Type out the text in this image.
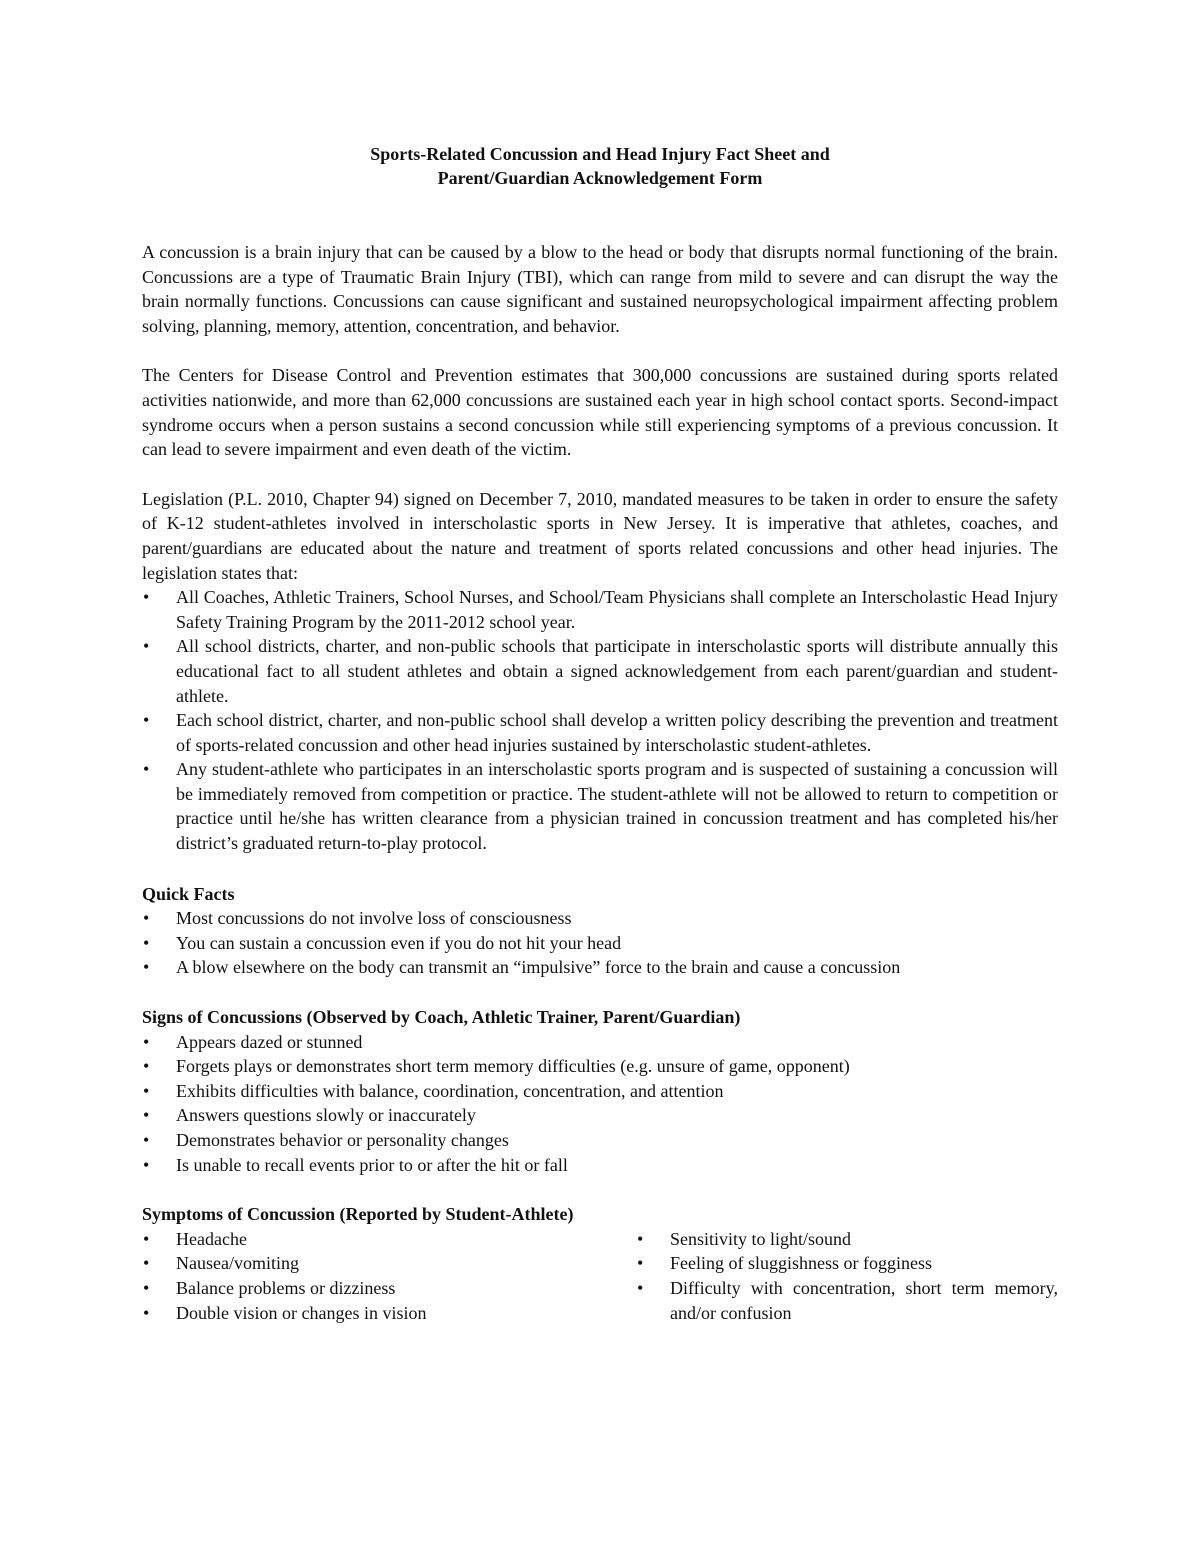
Sports-Related Concussion and Head Injury Fact Sheet and
Parent/Guardian Acknowledgement Form

A concussion is a brain injury that can be caused by a blow to the head or body that disrupts normal functioning of the brain. Concussions are a type of Traumatic Brain Injury (TBI), which can range from mild to severe and can disrupt the way the brain normally functions. Concussions can cause significant and sustained neuropsychological impairment affecting problem solving, planning, memory, attention, concentration, and behavior.

The Centers for Disease Control and Prevention estimates that 300,000 concussions are sustained during sports related activities nationwide, and more than 62,000 concussions are sustained each year in high school contact sports. Second-impact syndrome occurs when a person sustains a second concussion while still experiencing symptoms of a previous concussion. It can lead to severe impairment and even death of the victim.

Legislation (P.L. 2010, Chapter 94) signed on December 7, 2010, mandated measures to be taken in order to ensure the safety of K-12 student-athletes involved in interscholastic sports in New Jersey. It is imperative that athletes, coaches, and parent/guardians are educated about the nature and treatment of sports related concussions and other head injuries. The legislation states that:

• All Coaches, Athletic Trainers, School Nurses, and School/Team Physicians shall complete an Interscholastic Head Injury Safety Training Program by the 2011-2012 school year.
• All school districts, charter, and non-public schools that participate in interscholastic sports will distribute annually this educational fact to all student athletes and obtain a signed acknowledgement from each parent/guardian and student-athlete.
• Each school district, charter, and non-public school shall develop a written policy describing the prevention and treatment of sports-related concussion and other head injuries sustained by interscholastic student-athletes.
• Any student-athlete who participates in an interscholastic sports program and is suspected of sustaining a concussion will be immediately removed from competition or practice. The student-athlete will not be allowed to return to competition or practice until he/she has written clearance from a physician trained in concussion treatment and has completed his/her district’s graduated return-to-play protocol.

Quick Facts

• Most concussions do not involve loss of consciousness
• You can sustain a concussion even if you do not hit your head
• A blow elsewhere on the body can transmit an “impulsive” force to the brain and cause a concussion

Signs of Concussions (Observed by Coach, Athletic Trainer, Parent/Guardian)

• Appears dazed or stunned
• Forgets plays or demonstrates short term memory difficulties (e.g. unsure of game, opponent)
• Exhibits difficulties with balance, coordination, concentration, and attention
• Answers questions slowly or inaccurately
• Demonstrates behavior or personality changes
• Is unable to recall events prior to or after the hit or fall

Symptoms of Concussion (Reported by Student-Athlete)

• Headache
• Nausea/vomiting
• Balance problems or dizziness
• Double vision or changes in vision
• Sensitivity to light/sound
• Feeling of sluggishness or fogginess
• Difficulty with concentration, short term memory, and/or confusion
